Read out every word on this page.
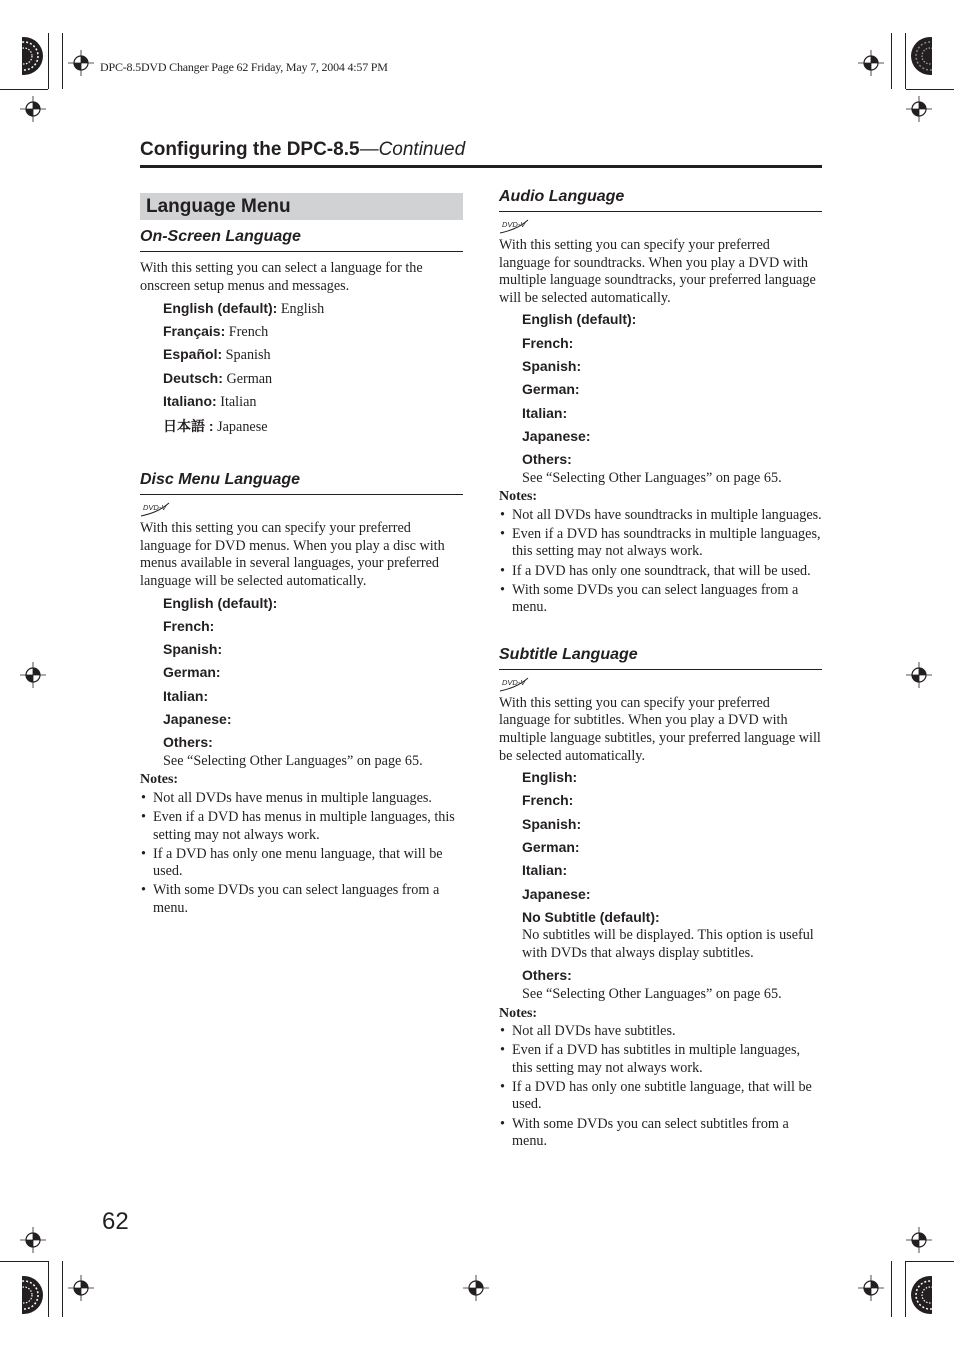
DPC-8.5DVD Changer Page 62 Friday, May 7, 2004 4:57 PM
Configuring the DPC-8.5—Continued
Language Menu
On-Screen Language
With this setting you can select a language for the onscreen setup menus and messages.
English (default): English
Français: French
Español: Spanish
Deutsch: German
Italiano: Italian
日本語 : Japanese
Disc Menu Language
DVD-V
With this setting you can specify your preferred language for DVD menus. When you play a disc with menus available in several languages, your preferred language will be selected automatically.
English (default):
French:
Spanish:
German:
Italian:
Japanese:
Others:
See “Selecting Other Languages” on page 65.
Notes:
• Not all DVDs have menus in multiple languages.
• Even if a DVD has menus in multiple languages, this setting may not always work.
• If a DVD has only one menu language, that will be used.
• With some DVDs you can select languages from a menu.
Audio Language
DVD-V
With this setting you can specify your preferred language for soundtracks. When you play a DVD with multiple language soundtracks, your preferred language will be selected automatically.
English (default):
French:
Spanish:
German:
Italian:
Japanese:
Others:
See “Selecting Other Languages” on page 65.
Notes:
• Not all DVDs have soundtracks in multiple languages.
• Even if a DVD has soundtracks in multiple languages, this setting may not always work.
• If a DVD has only one soundtrack, that will be used.
• With some DVDs you can select languages from a menu.
Subtitle Language
DVD-V
With this setting you can specify your preferred language for subtitles. When you play a DVD with multiple language subtitles, your preferred language will be selected automatically.
English:
French:
Spanish:
German:
Italian:
Japanese:
No Subtitle (default):
No subtitles will be displayed. This option is useful with DVDs that always display subtitles.
Others:
See “Selecting Other Languages” on page 65.
Notes:
• Not all DVDs have subtitles.
• Even if a DVD has subtitles in multiple languages, this setting may not always work.
• If a DVD has only one subtitle language, that will be used.
• With some DVDs you can select subtitles from a menu.
62
